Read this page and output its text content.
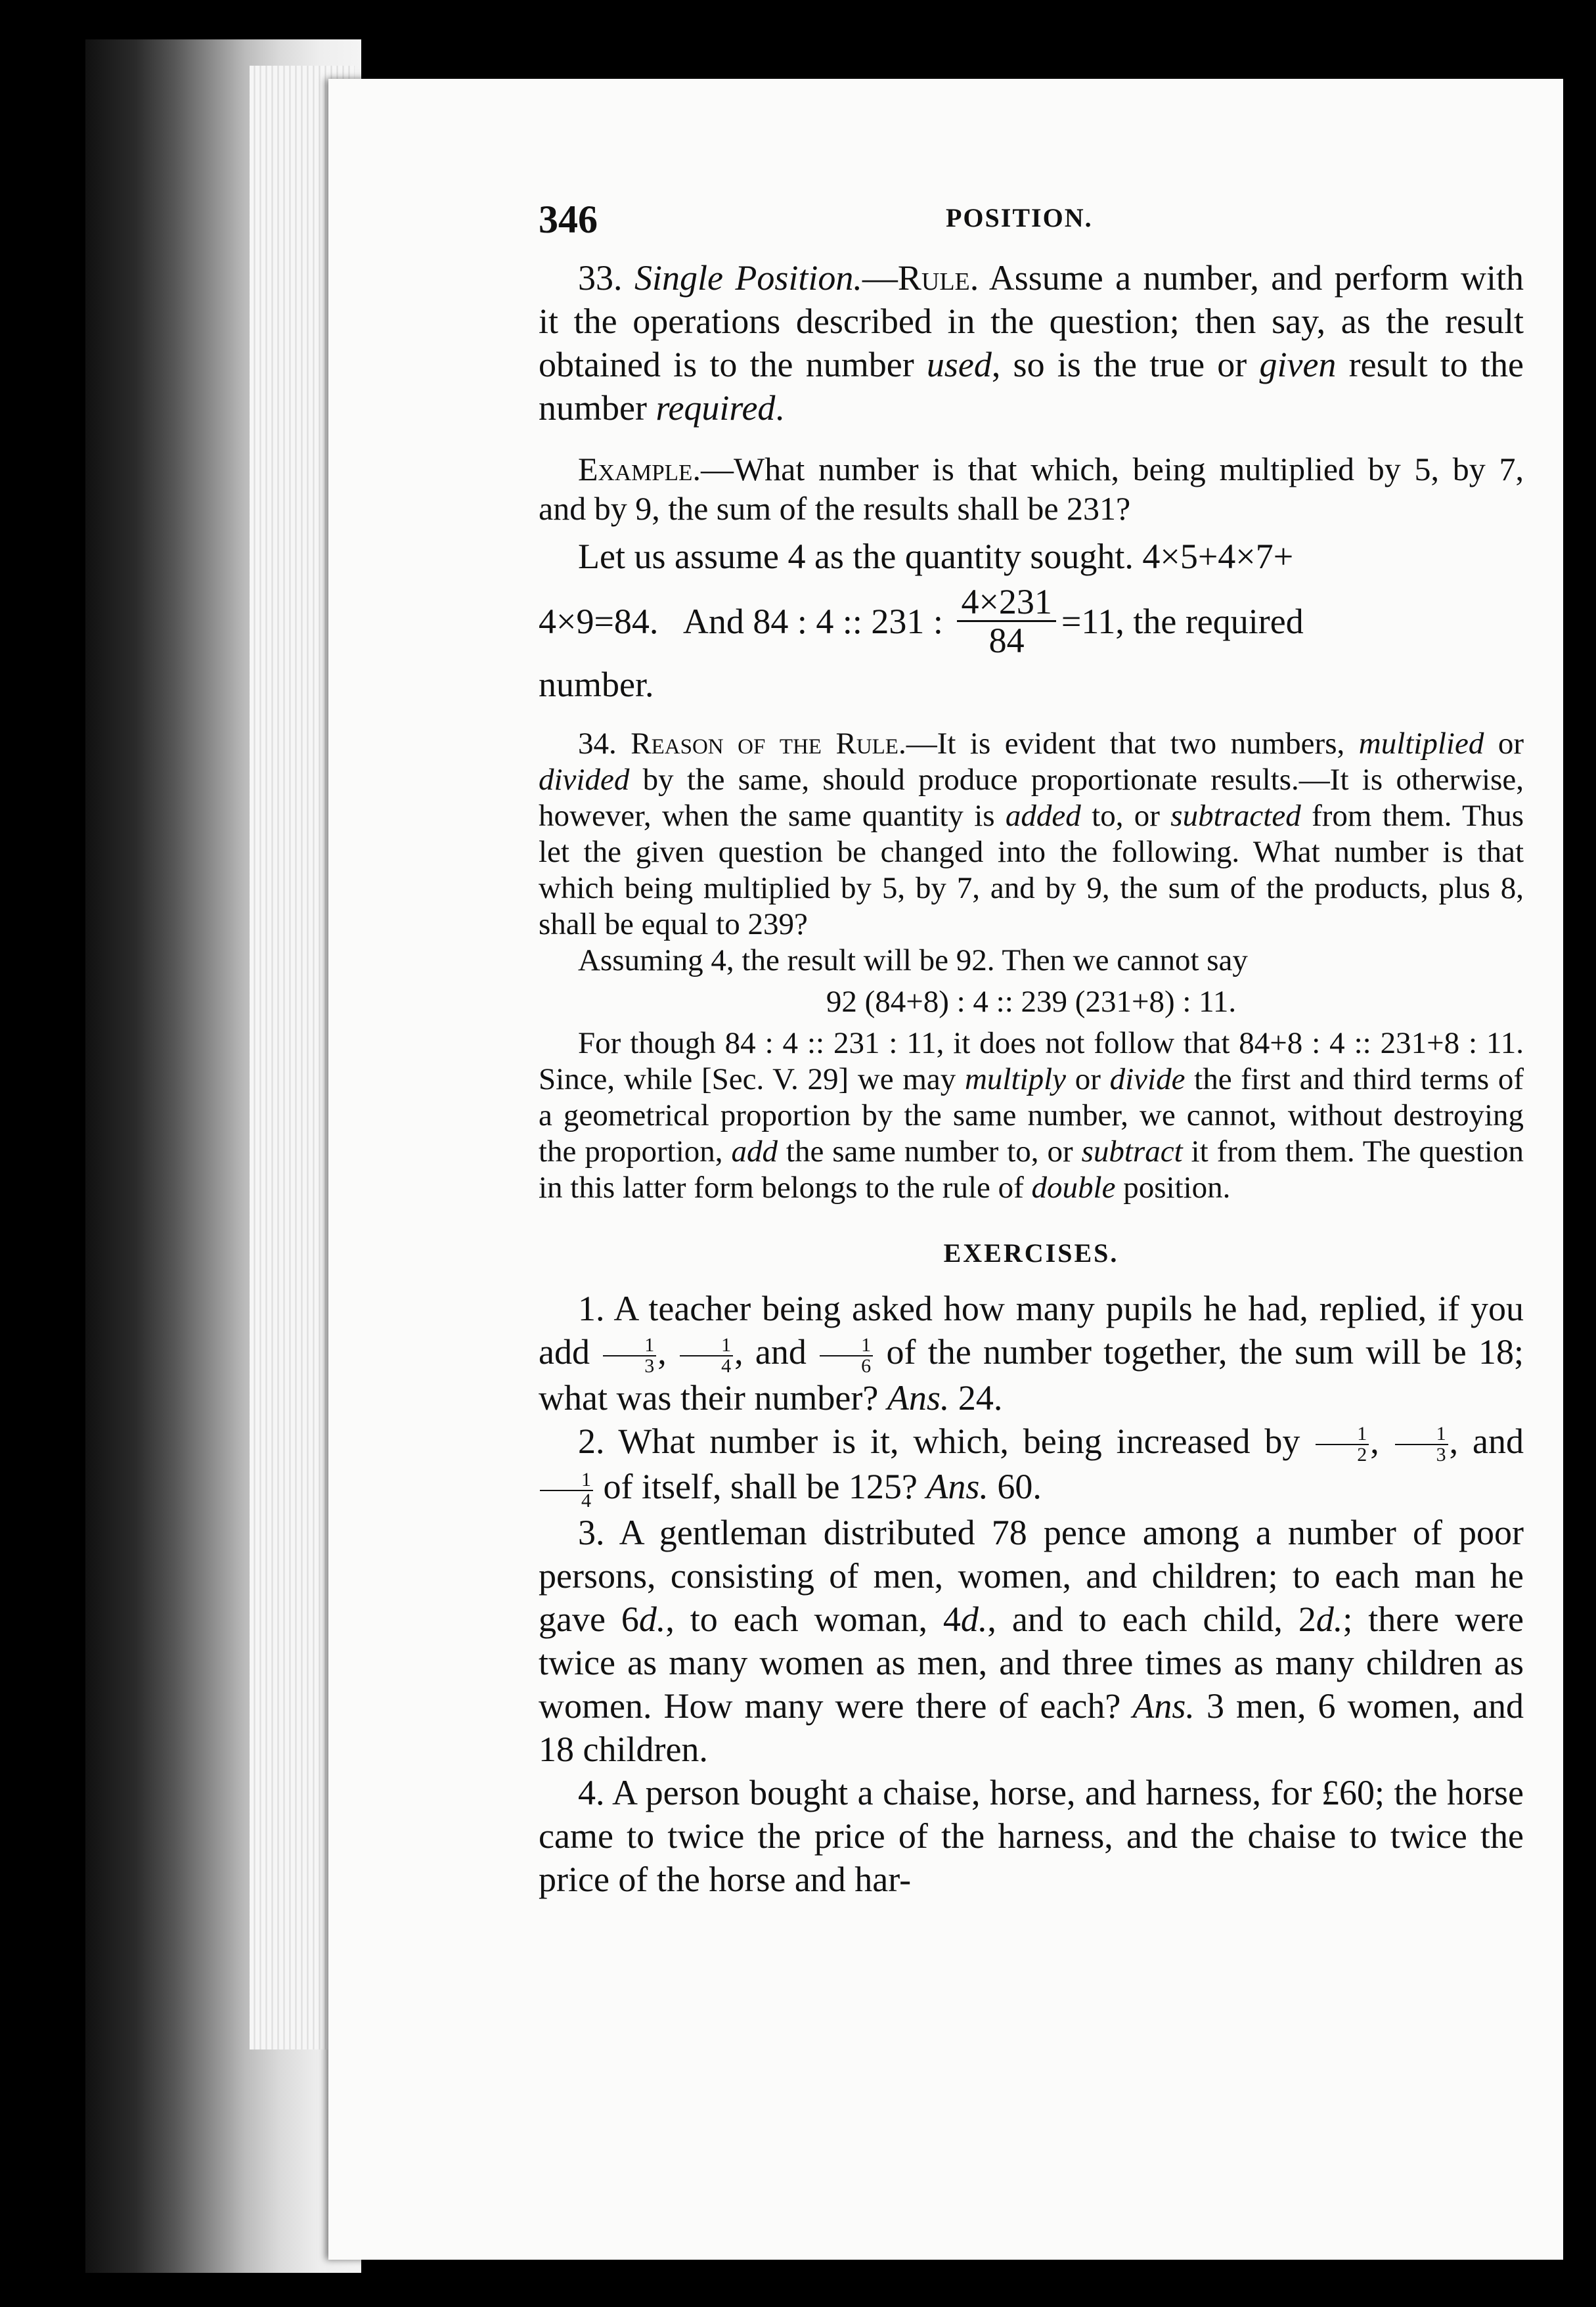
346	POSITION.

33. Single Position.—Rule. Assume a number, and perform with it the operations described in the question; then say, as the result obtained is to the number used, so is the true or given result to the number required.

Example.—What number is that which, being multiplied by 5, by 7, and by 9, the sum of the results shall be 231?

Let us assume 4 as the quantity sought. 4×5+4×7+

4×9=84.   And 84 : 4 :: 231 : $\frac{4\times 231}{84} =11$, the required

number.

34. Reason of the Rule.—It is evident that two numbers, multiplied or divided by the same, should produce proportionate results.—It is otherwise, however, when the same quantity is added to, or subtracted from them. Thus let the given question be changed into the following. What number is that which being multiplied by 5, by 7, and by 9, the sum of the products, plus 8, shall be equal to 239?

Assuming 4, the result will be 92. Then we cannot say

92 (84+8) : 4 :: 239 (231+8) : 11.

For though 84 : 4 :: 231 : 11, it does not follow that 84+8 : 4 :: 231+8 : 11. Since, while [Sec. V. 29] we may multiply or divide the first and third terms of a geometrical proportion by the same number, we cannot, without destroying the proportion, add the same number to, or subtract it from them. The question in this latter form belongs to the rule of double position.

EXERCISES.

1. A teacher being asked how many pupils he had, replied, if you add $\frac{1}{3}$ , $\frac{1}{4}$ , and $\frac{1}{6}$ of the number together, the sum will be 18; what was their number? Ans. 24.

2. What number is it, which, being increased by $\frac{1}{2}$ , $\frac{1}{3}$ , and
$\frac{1}{4}$ of itself, shall be 125? Ans. 60.

3. A gentleman distributed 78 pence among a number of poor persons, consisting of men, women, and children; to each man he gave 6d., to each woman, 4d., and to each child, 2d.; there were twice as many women as men, and three times as many children as women. How many were there of each? Ans. 3 men, 6 women, and 18 children.

4. A person bought a chaise, horse, and harness, for £60; the horse came to twice the price of the harness, and the chaise to twice the price of the horse and har-
